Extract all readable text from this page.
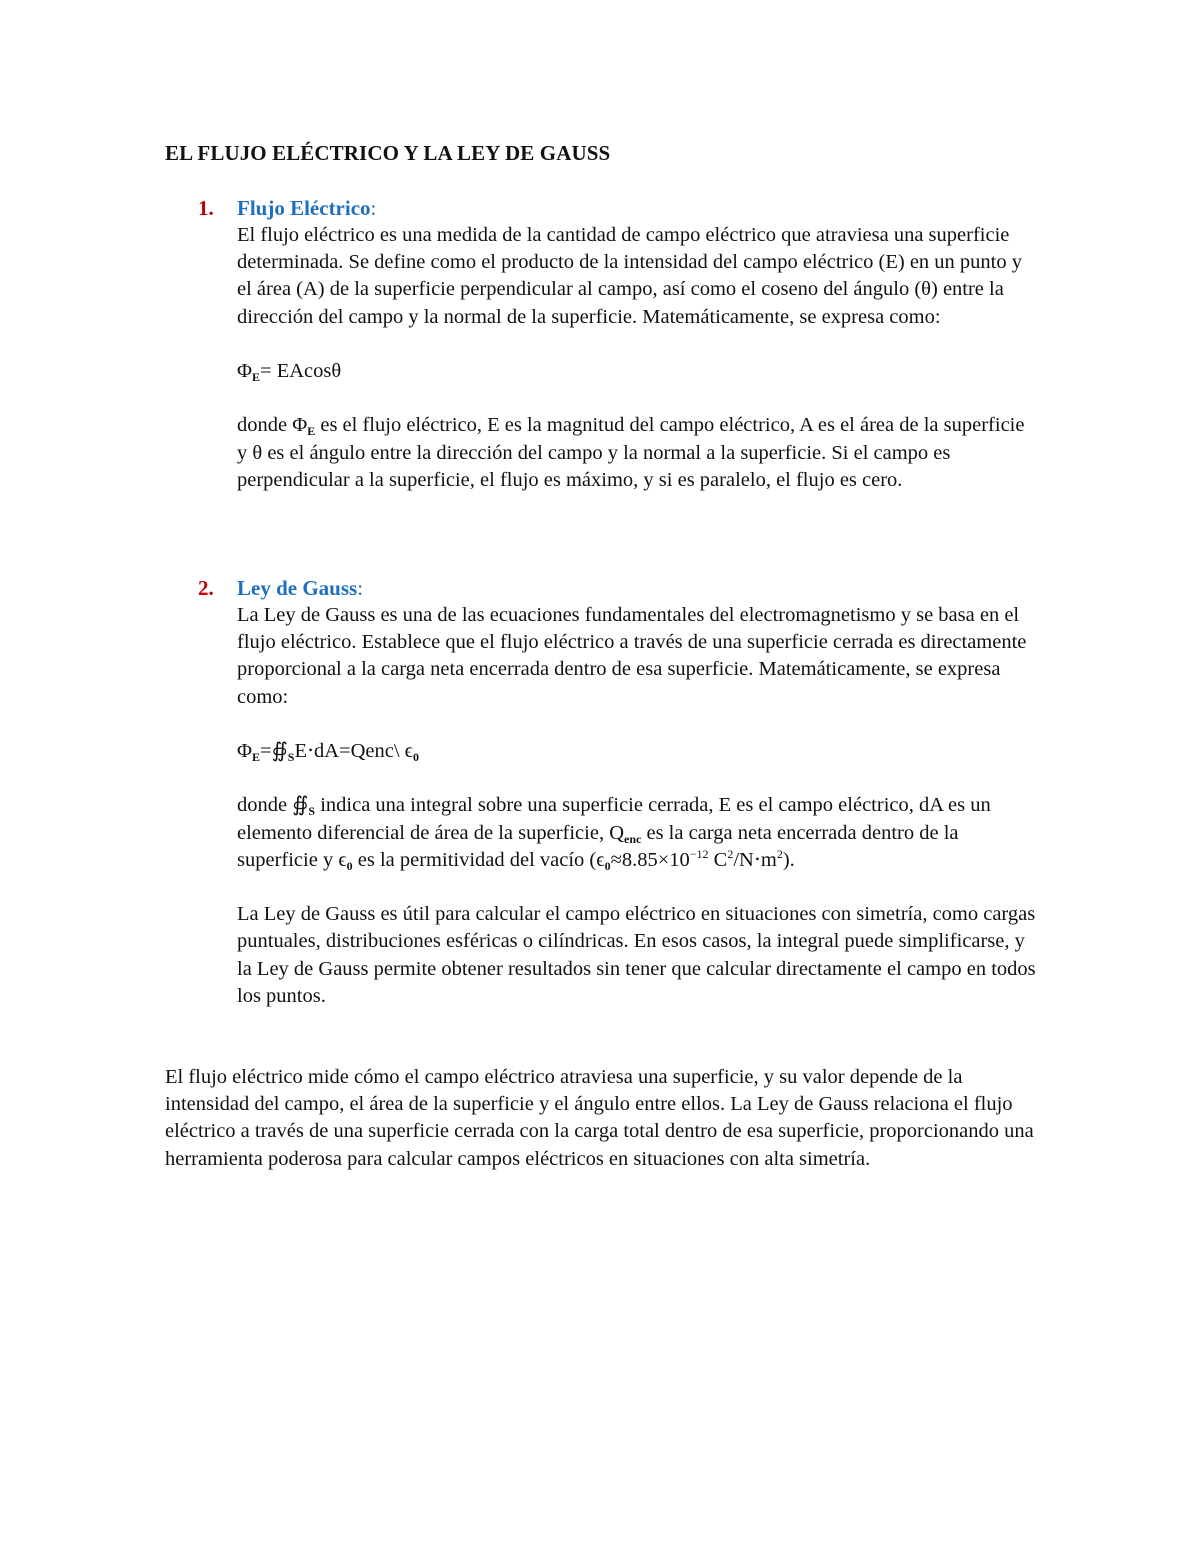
EL FLUJO ELÉCTRICO Y LA LEY DE GAUSS
1. Flujo Eléctrico:

El flujo eléctrico es una medida de la cantidad de campo eléctrico que atraviesa una superficie determinada. Se define como el producto de la intensidad del campo eléctrico (E) en un punto y el área (A) de la superficie perpendicular al campo, así como el coseno del ángulo (θ) entre la dirección del campo y la normal de la superficie. Matemáticamente, se expresa como:

$\Phi_E= EAcos\theta$

donde $\Phi_E$ es el flujo eléctrico, E es la magnitud del campo eléctrico, A es el área de la superficie y θ es el ángulo entre la dirección del campo y la normal a la superficie. Si el campo es perpendicular a la superficie, el flujo es máximo, y si es paralelo, el flujo es cero.

2. Ley de Gauss:

La Ley de Gauss es una de las ecuaciones fundamentales del electromagnetismo y se basa en el flujo eléctrico. Establece que el flujo eléctrico a través de una superficie cerrada es directamente proporcional a la carga neta encerrada dentro de esa superficie. Matemáticamente, se expresa como:

$\Phi_E=∯_SE\cdot dA=Qenc\backslash$ $\epsilon_0$

donde $∯_S$ indica una integral sobre una superficie cerrada, E es el campo eléctrico, dA es un elemento diferencial de área de la superficie, $Q_{enc}$ es la carga neta encerrada dentro de la superficie y $\epsilon_0$ es la permitividad del vacío ($\epsilon_0\approx 8.85\times 10^{-12}$ $C^2/N\cdot m^2$).

La Ley de Gauss es útil para calcular el campo eléctrico en situaciones con simetría, como cargas puntuales, distribuciones esféricas o cilíndricas. En esos casos, la integral puede simplificarse, y la Ley de Gauss permite obtener resultados sin tener que calcular directamente el campo en todos los puntos.

El flujo eléctrico mide cómo el campo eléctrico atraviesa una superficie, y su valor depende de la intensidad del campo, el área de la superficie y el ángulo entre ellos. La Ley de Gauss relaciona el flujo eléctrico a través de una superficie cerrada con la carga total dentro de esa superficie, proporcionando una herramienta poderosa para calcular campos eléctricos en situaciones con alta simetría.
